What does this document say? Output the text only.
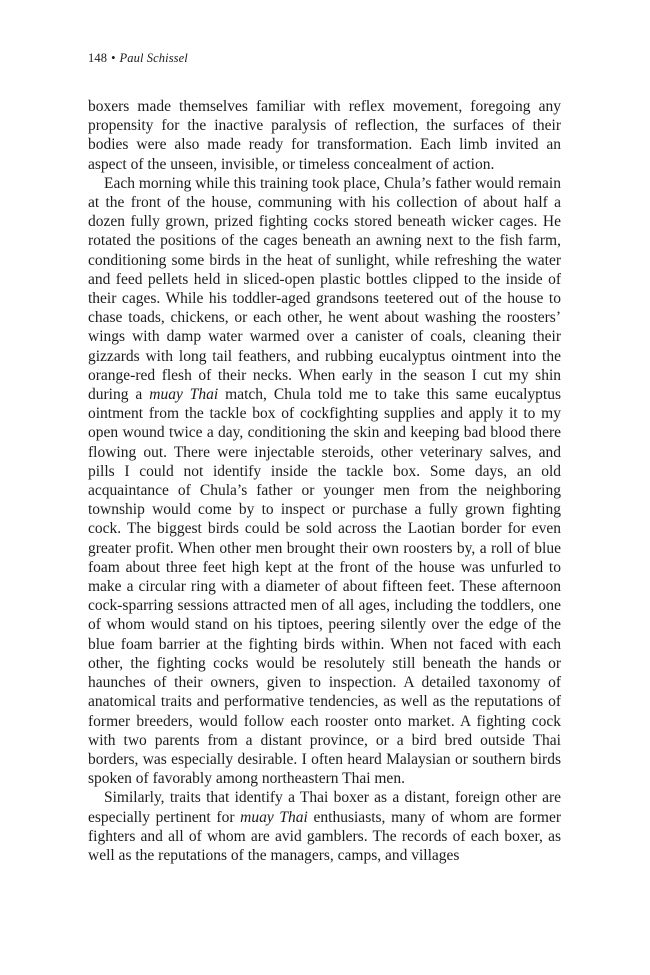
148 • Paul Schissel

boxers made themselves familiar with reflex movement, foregoing any propensity for the inactive paralysis of reflection, the surfaces of their bodies were also made ready for transformation. Each limb invited an aspect of the unseen, invisible, or timeless concealment of action.

Each morning while this training took place, Chula’s father would remain at the front of the house, communing with his collection of about half a dozen fully grown, prized fighting cocks stored beneath wicker cages. He rotated the positions of the cages beneath an awning next to the fish farm, conditioning some birds in the heat of sunlight, while refreshing the water and feed pellets held in sliced-open plastic bottles clipped to the inside of their cages. While his toddler-aged grandsons teetered out of the house to chase toads, chickens, or each other, he went about washing the roosters’ wings with damp water warmed over a canister of coals, cleaning their gizzards with long tail feathers, and rubbing eucalyptus ointment into the orange-red flesh of their necks. When early in the season I cut my shin during a muay Thai match, Chula told me to take this same eucalyptus ointment from the tackle box of cockfighting supplies and apply it to my open wound twice a day, conditioning the skin and keeping bad blood there flowing out. There were injectable steroids, other veterinary salves, and pills I could not identify inside the tackle box. Some days, an old acquaintance of Chula’s father or younger men from the neighboring township would come by to inspect or purchase a fully grown fighting cock. The biggest birds could be sold across the Laotian border for even greater profit. When other men brought their own roosters by, a roll of blue foam about three feet high kept at the front of the house was unfurled to make a circular ring with a diameter of about fifteen feet. These afternoon cock-sparring sessions attracted men of all ages, including the toddlers, one of whom would stand on his tiptoes, peering silently over the edge of the blue foam barrier at the fighting birds within. When not faced with each other, the fighting cocks would be resolutely still beneath the hands or haunches of their owners, given to inspection. A detailed taxonomy of anatomical traits and performative tendencies, as well as the reputations of former breeders, would follow each rooster onto market. A fighting cock with two parents from a distant province, or a bird bred outside Thai borders, was especially desirable. I often heard Malaysian or southern birds spoken of favorably among northeastern Thai men.

Similarly, traits that identify a Thai boxer as a distant, foreign other are especially pertinent for muay Thai enthusiasts, many of whom are former fighters and all of whom are avid gamblers. The records of each boxer, as well as the reputations of the managers, camps, and villages
